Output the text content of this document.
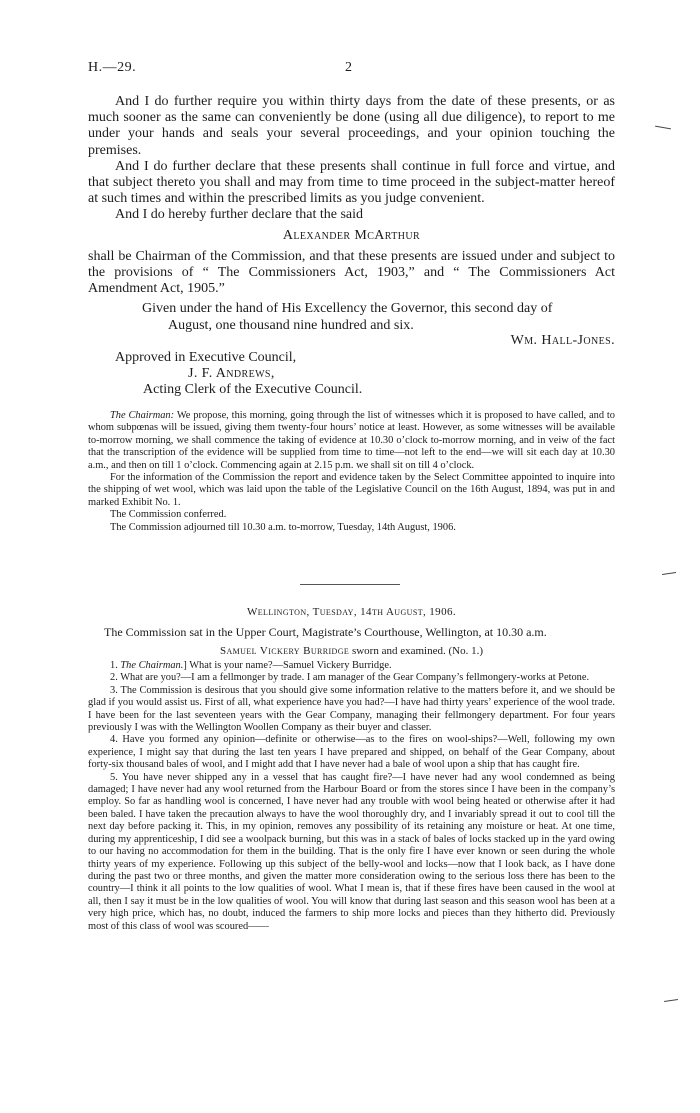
H.—29.	2

And I do further require you within thirty days from the date of these presents, or as much sooner as the same can conveniently be done (using all due diligence), to report to me under your hands and seals your several proceedings, and your opinion touching the premises.

And I do further declare that these presents shall continue in full force and virtue, and that subject thereto you shall and may from time to time proceed in the subject-matter hereof at such times and within the prescribed limits as you judge convenient.

And I do hereby further declare that the said

Alexander McArthur

shall be Chairman of the Commission, and that these presents are issued under and subject to the provisions of “ The Commissioners Act, 1903,” and “ The Commissioners Act Amendment Act, 1905.”

Given under the hand of His Excellency the Governor, this second day of

August, one thousand nine hundred and six.

Wm. Hall-Jones.

Approved in Executive Council,

J. F. Andrews,

Acting Clerk of the Executive Council.

The Chairman: We propose, this morning, going through the list of witnesses which it is proposed to have called, and to whom subpœnas will be issued, giving them twenty-four hours’ notice at least. However, as some witnesses will be available to-morrow morning, we shall commence the taking of evidence at 10.30 o’clock to-morrow morning, and in veiw of the fact that the transcription of the evidence will be supplied from time to time—not left to the end—we will sit each day at 10.30 a.m., and then on till 1 o’clock. Commencing again at 2.15 p.m. we shall sit on till 4 o’clock.

For the information of the Commission the report and evidence taken by the Select Committee appointed to inquire into the shipping of wet wool, which was laid upon the table of the Legislative Council on the 16th August, 1894, was put in and marked Exhibit No. 1.

The Commission conferred.

The Commission adjourned till 10.30 a.m. to-morrow, Tuesday, 14th August, 1906.

Wellington, Tuesday, 14th August, 1906.

The Commission sat in the Upper Court, Magistrate’s Courthouse, Wellington, at 10.30 a.m.

Samuel Vickery Burridge sworn and examined. (No. 1.)

1. The Chairman.] What is your name?—Samuel Vickery Burridge.

2. What are you?—I am a fellmonger by trade. I am manager of the Gear Company’s fellmongery-works at Petone.

3. The Commission is desirous that you should give some information relative to the matters before it, and we should be glad if you would assist us. First of all, what experience have you had?—I have had thirty years’ experience of the wool trade. I have been for the last seventeen years with the Gear Company, managing their fellmongery department. For four years previously I was with the Wellington Woollen Company as their buyer and classer.

4. Have you formed any opinion—definite or otherwise—as to the fires on wool-ships?—Well, following my own experience, I might say that during the last ten years I have prepared and shipped, on behalf of the Gear Company, about forty-six thousand bales of wool, and I might add that I have never had a bale of wool upon a ship that has caught fire.

5. You have never shipped any in a vessel that has caught fire?—I have never had any wool condemned as being damaged; I have never had any wool returned from the Harbour Board or from the stores since I have been in the company’s employ. So far as handling wool is concerned, I have never had any trouble with wool being heated or otherwise after it had been baled. I have taken the precaution always to have the wool thoroughly dry, and I invariably spread it out to cool till the next day before packing it. This, in my opinion, removes any possibility of its retaining any moisture or heat. At one time, during my apprenticeship, I did see a woolpack burning, but this was in a stack of bales of locks stacked up in the yard owing to our having no accommodation for them in the building. That is the only fire I have ever known or seen during the whole thirty years of my experience. Following up this subject of the belly-wool and locks—now that I look back, as I have done during the past two or three months, and given the matter more consideration owing to the serious loss there has been to the country—I think it all points to the low qualities of wool. What I mean is, that if these fires have been caused in the wool at all, then I say it must be in the low qualities of wool. You will know that during last season and this season wool has been at a very high price, which has, no doubt, induced the farmers to ship more locks and pieces than they hitherto did. Previously most of this class of wool was scoured——
